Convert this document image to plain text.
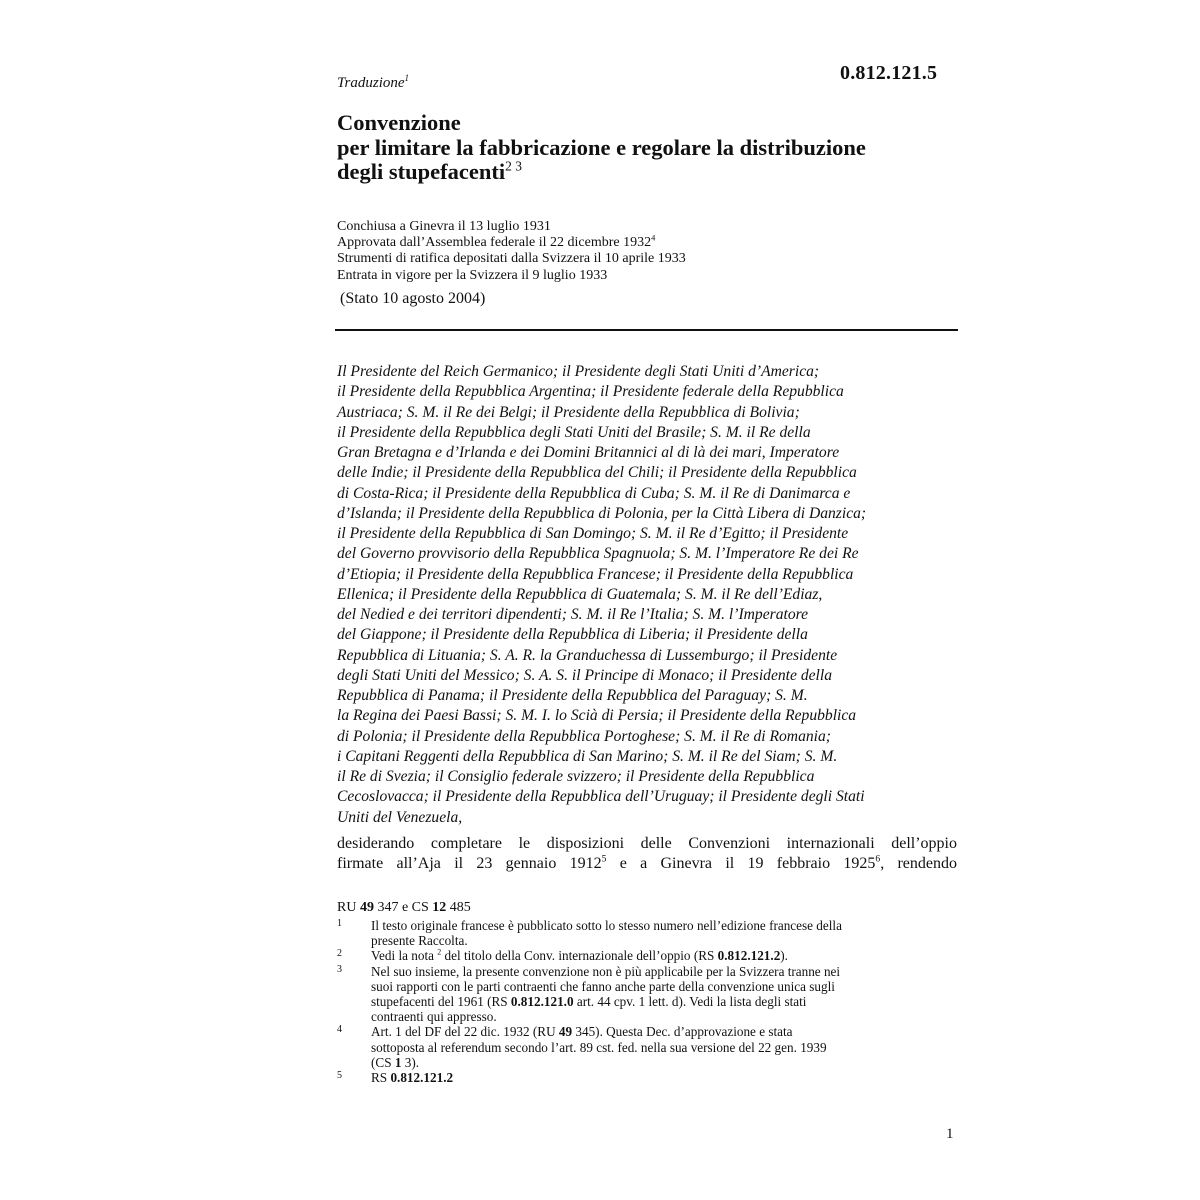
Traduzione$^1$	0.812.121.5
Convenzione
per limitare la fabbricazione e regolare la distribuzione
degli stupefacenti$^{2 3}$
Conchiusa a Ginevra il 13 luglio 1931
Approvata dall’Assemblea federale il 22 dicembre 1932$^4$
Strumenti di ratifica depositati dalla Svizzera il 10 aprile 1933
Entrata in vigore per la Svizzera il 9 luglio 1933
(Stato 10 agosto 2004)
Il Presidente del Reich Germanico; il Presidente degli Stati Uniti d’America;
il Presidente della Repubblica Argentina; il Presidente federale della Repubblica
Austriaca; S. M. il Re dei Belgi; il Presidente della Repubblica di Bolivia;
il Presidente della Repubblica degli Stati Uniti del Brasile; S. M. il Re della
Gran Bretagna e d’Irlanda e dei Domini Britannici al di là dei mari, Imperatore
delle Indie; il Presidente della Repubblica del Chili; il Presidente della Repubblica
di Costa-Rica; il Presidente della Repubblica di Cuba; S. M. il Re di Danimarca e
d’Islanda; il Presidente della Repubblica di Polonia, per la Città Libera di Danzica;
il Presidente della Repubblica di San Domingo; S. M. il Re d’Egitto; il Presidente
del Governo provvisorio della Repubblica Spagnuola; S. M. l’Imperatore Re dei Re
d’Etiopia; il Presidente della Repubblica Francese; il Presidente della Repubblica
Ellenica; il Presidente della Repubblica di Guatemala; S. M. il Re dell’Ediaz,
del Nedied e dei territori dipendenti; S. M. il Re l’Italia; S. M. l’Imperatore
del Giappone; il Presidente della Repubblica di Liberia; il Presidente della
Repubblica di Lituania; S. A. R. la Granduchessa di Lussemburgo; il Presidente
degli Stati Uniti del Messico; S. A. S. il Principe di Monaco; il Presidente della
Repubblica di Panama; il Presidente della Repubblica del Paraguay; S. M.
la Regina dei Paesi Bassi; S. M. I. lo Scià di Persia; il Presidente della Repubblica
di Polonia; il Presidente della Repubblica Portoghese; S. M. il Re di Romania;
i Capitani Reggenti della Repubblica di San Marino; S. M. il Re del Siam; S. M.
il Re di Svezia; il Consiglio federale svizzero; il Presidente della Repubblica
Cecoslovacca; il Presidente della Repubblica dell’Uruguay; il Presidente degli Stati
Uniti del Venezuela,
desiderando completare le disposizioni delle Convenzioni internazionali dell’oppio
firmate all’Aja il 23 gennaio 1912$^5$ e a Ginevra il 19 febbraio 1925$^6$, rendendo
RU 49 347 e CS 12 485
1 Il testo originale francese è pubblicato sotto lo stesso numero nell’edizione francese della
presente Raccolta.
2 Vedi la nota $^2$ del titolo della Conv. internazionale dell’oppio (RS 0.812.121.2).
3 Nel suo insieme, la presente convenzione non è più applicabile per la Svizzera tranne nei
suoi rapporti con le parti contraenti che fanno anche parte della convenzione unica sugli
stupefacenti del 1961 (RS 0.812.121.0 art. 44 cpv. 1 lett. d). Vedi la lista degli stati
contraenti qui appresso.
4 Art. 1 del DF del 22 dic. 1932 (RU 49 345). Questa Dec. d’approvazione e stata
sottoposta al referendum secondo l’art. 89 cst. fed. nella sua versione del 22 gen. 1939
(CS 1 3).
5 RS 0.812.121.2
1
